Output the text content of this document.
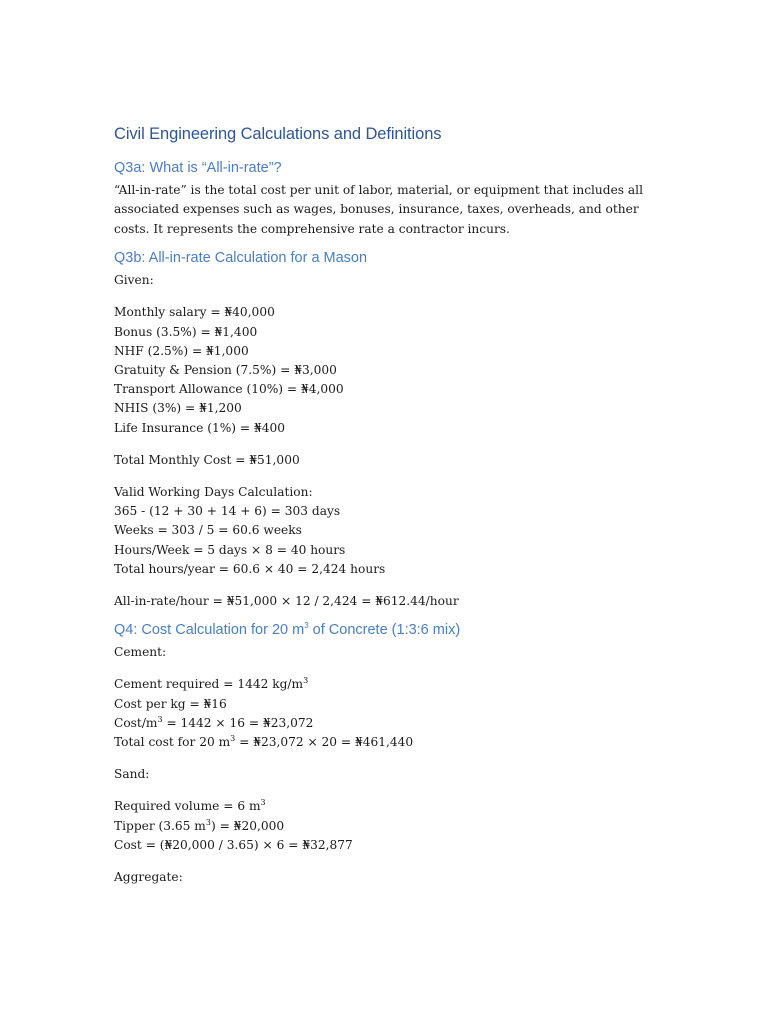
Civil Engineering Calculations and Definitions
Q3a: What is “All-in-rate”?

“All-in-rate” is the total cost per unit of labor, material, or equipment that includes all associated expenses such as wages, bonuses, insurance, taxes, overheads, and other costs. It represents the comprehensive rate a contractor incurs.

Q3b: All-in-rate Calculation for a Mason

Given:

Monthly salary = ₦40,000

Bonus (3.5%) = ₦1,400

NHF (2.5%) = ₦1,000

Gratuity & Pension (7.5%) = ₦3,000

Transport Allowance (10%) = ₦4,000

NHIS (3%) = ₦1,200

Life Insurance (1%) = ₦400

Total Monthly Cost = ₦51,000

Valid Working Days Calculation:

365 - (12 + 30 + 14 + 6) = 303 days

Weeks = 303 / 5 = 60.6 weeks

Hours/Week = 5 days × 8 = 40 hours

Total hours/year = 60.6 × 40 = 2,424 hours

All-in-rate/hour = ₦51,000 × 12 / 2,424 = ₦612.44/hour

Q4: Cost Calculation for 20 $m^3$ of Concrete (1:3:6 mix)

Cement:

Cement required = 1442 $kg/m^3$

Cost per kg = ₦16

Cost/$m^3 = 1442 \times 16$ = ₦23,072

Total cost for 20 $m^3$ = ₦23,072 × 20 = ₦461,440

Sand:

Required volume = 6 $m^3$

Tipper (3.65 $m^3$) = ₦20,000

Cost = (₦20,000 / 3.65) × 6 = ₦32,877

Aggregate:
